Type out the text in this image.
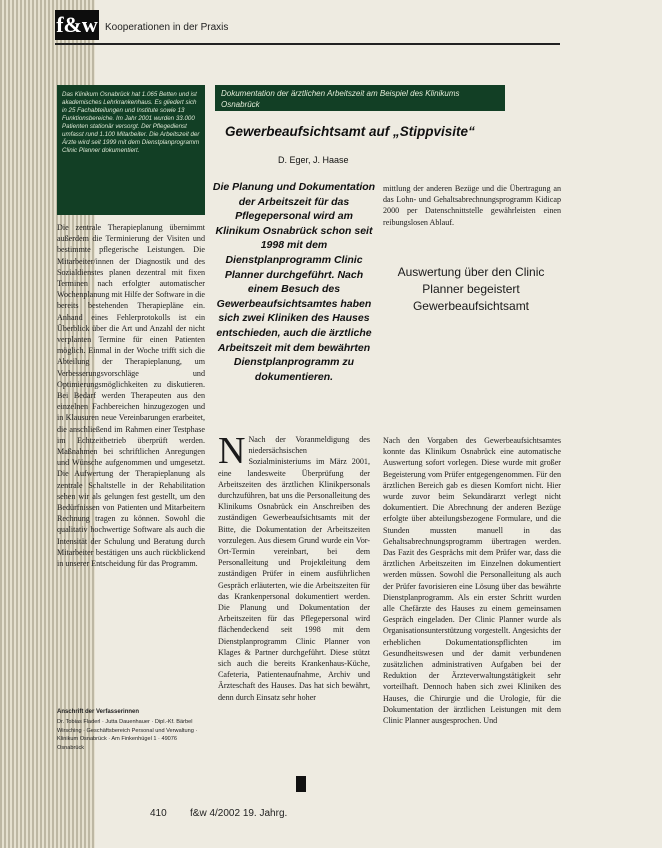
f&w Kooperationen in der Praxis
Das Klinikum Osnabrück hat 1.065 Betten und ist akademisches Lehrkrankenhaus. Es gliedert sich in 25 Fachabteilungen und Institute sowie 13 Funktionsbereiche. Im Jahr 2001 wurden 33.000 Patienten stationär versorgt. Der Pflegedienst umfasst rund 1.100 Mitarbeiter. Die Arbeitszeit der Ärzte wird seit 1999 mit dem Dienstplanprogramm Clinic Planner dokumentiert.
Dokumentation der ärztlichen Arbeitszeit am Beispiel des Klinikums Osnabrück
Gewerbeaufsichtsamt auf „Stippvisite“
D. Eger, J. Haase
Die Planung und Dokumentation der Arbeitszeit für das Pflegepersonal wird am Klinikum Osnabrück schon seit 1998 mit dem Dienstplanprogramm Clinic Planner durchgeführt. Nach einem Besuch des Gewerbeaufsichtsamtes haben sich zwei Kliniken des Hauses entschieden, auch die ärztliche Arbeitszeit mit dem bewährten Dienstplanprogramm zu dokumentieren.

Die zentrale Therapieplanung übernimmt außerdem die Terminierung der Visiten und bestimmte pflegerische Leistungen. Die Mitarbeiter/innen der Diagnostik und des Sozialdienstes planen dezentral mit fixen Terminen nach erfolgter automatischer Wochenplanung mit Hilfe der Software in die bereits bestehenden Therapiepläne ein. Anhand eines Fehlerprotokolls ist ein Überblick über die Art und Anzahl der nicht verplanten Termine für einen Patienten möglich. Einmal in der Woche trifft sich die Abteilung der Therapieplanung, um Verbesserungsvorschläge und Optimierungsmöglichkeiten zu diskutieren. Bei Bedarf werden Therapeuten aus den einzelnen Fachbereichen hinzugezogen und in Klausuren neue Vereinbarungen erarbeitet, die anschließend im Rahmen einer Testphase im Echtzeitbetrieb überprüft werden. Maßnahmen bei schriftlichen Anregungen und Wünsche aufgenommen und umgesetzt. Die Aufwertung der Therapieplanung als zentrale Schaltstelle in der Rehabilitation sehen wir als gelungen fest gestellt, um den Bedürfnissen von Patienten und Mitarbeitern Rechnung tragen zu können. Sowohl die qualitativ hochwertige Software als auch die Intensität der Schulung und Beratung durch Mitarbeiter bestätigen uns auch rückblickend in unserer Entscheidung für das Programm.

N Nach der Voranmeldigung des niedersächsischen Sozialministeriums im März 2001, eine landesweite Überprüfung der Arbeitszeiten des ärztlichen Klinikpersonals durchzuführen, bat uns die Personalleitung des Klinikums Osnabrück ein Anschreiben des zuständigen Gewerbeaufsichtsamts mit der Bitte, die Dokumentation der Arbeitszeiten vorzulegen. Aus diesem Grund wurde ein Vor-Ort-Termin vereinbart, bei dem Personalleitung und Projektleitung dem zuständigen Prüfer in einem ausführlichen Gespräch erläuterten, wie die Arbeitszeiten für das Krankenpersonal dokumentiert werden. Die Planung und Dokumentation der Arbeitszeiten für das Pflegepersonal wird flächendeckend seit 1998 mit dem Dienstplanprogramm Clinic Planner von Klages & Partner durchgeführt. Diese stützt sich auch die bereits Krankenhaus-Küche, Cafeteria, Patientenaufnahme, Archiv und Ärzteschaft des Hauses. Das hat sich bewährt, denn durch Einsatz sehr hoher

mittlung der anderen Bezüge und die Übertragung an das Lohn- und Gehaltsabrechnungsprogramm Kidicap 2000 per Datenschnittstelle gewährleisten einen reibungslosen Ablauf.

Auswertung über den Clinic Planner begeistert Gewerbeaufsichtsamt

Nach den Vorgaben des Gewerbeaufsichtsamtes konnte das Klinikum Osnabrück eine automatische Auswertung sofort vorlegen. Diese wurde mit großer Begeisterung vom Prüfer entgegengenommen. Für den ärztlichen Bereich gab es diesen Komfort nicht. Hier wurde zuvor beim Sekundärarzt verlegt nicht dokumentiert. Die Abrechnung der anderen Bezüge erfolgte über abteilungsbezogene Formulare, und die Stunden mussten manuell in das Gehaltsabrechnungsprogramm übertragen werden. Das Fazit des Gesprächs mit dem Prüfer war, dass die ärztlichen Arbeitszeiten im Einzelnen dokumentiert werden müssen. Sowohl die Personalleitung als auch der Prüfer favorisieren eine Lösung über das bewährte Dienstplanprogramm. Als ein erster Schritt wurden alle Chefärzte des Hauses zu einem gemeinsamen Gespräch eingeladen. Der Clinic Planner wurde als Organisationsunterstützung vorgestellt. Angesichts der erheblichen Dokumentationspflichten im Gesundheitswesen und der damit verbundenen zusätzlichen administrativen Aufgaben bei der Reduktion der Ärzteverwaltungstätigkeit sehr vorteilhaft. Dennoch haben sich zwei Kliniken des Hauses, die Chirurgie und die Urologie, für die Dokumentation der ärztlichen Leistungen mit dem Clinic Planner ausgesprochen. Und

Anschrift der Verfasserinnen
Dr. Tobias Fladerl · Jutta Dauenhauer · Dipl.-Kf. Bärbel Wirsching · Geschäftsbereich Personal und Verwaltung · Klinikum Osnabrück · Am Finkenhügel 1 · 49076 Osnabrück
410 f&w 4/2002 19. Jahrg.
